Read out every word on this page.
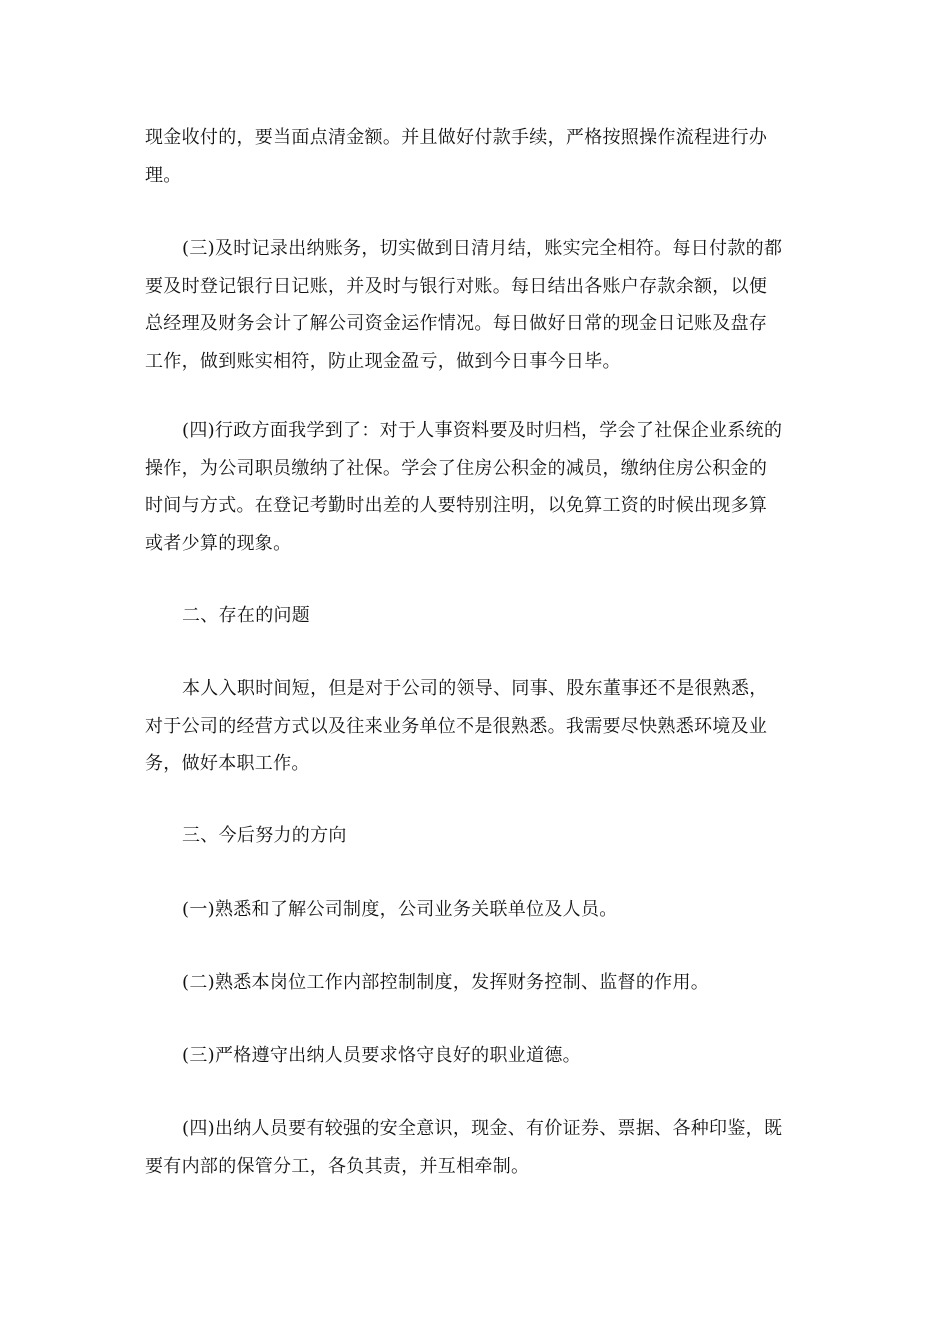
现金收付的，要当面点清金额。并且做好付款手续，严格按照操作流程进行办
理。

(三)及时记录出纳账务，切实做到日清月结，账实完全相符。每日付款的都
要及时登记银行日记账，并及时与银行对账。每日结出各账户存款余额，以便
总经理及财务会计了解公司资金运作情况。每日做好日常的现金日记账及盘存
工作，做到账实相符，防止现金盈亏，做到今日事今日毕。

(四)行政方面我学到了：对于人事资料要及时归档，学会了社保企业系统的
操作，为公司职员缴纳了社保。学会了住房公积金的减员，缴纳住房公积金的
时间与方式。在登记考勤时出差的人要特别注明，以免算工资的时候出现多算
或者少算的现象。

二、存在的问题

本人入职时间短，但是对于公司的领导、同事、股东董事还不是很熟悉，
对于公司的经营方式以及往来业务单位不是很熟悉。我需要尽快熟悉环境及业
务，做好本职工作。

三、今后努力的方向

(一)熟悉和了解公司制度，公司业务关联单位及人员。

(二)熟悉本岗位工作内部控制制度，发挥财务控制、监督的作用。

(三)严格遵守出纳人员要求恪守良好的职业道德。

(四)出纳人员要有较强的安全意识，现金、有价证券、票据、各种印鉴，既
要有内部的保管分工，各负其责，并互相牵制。
